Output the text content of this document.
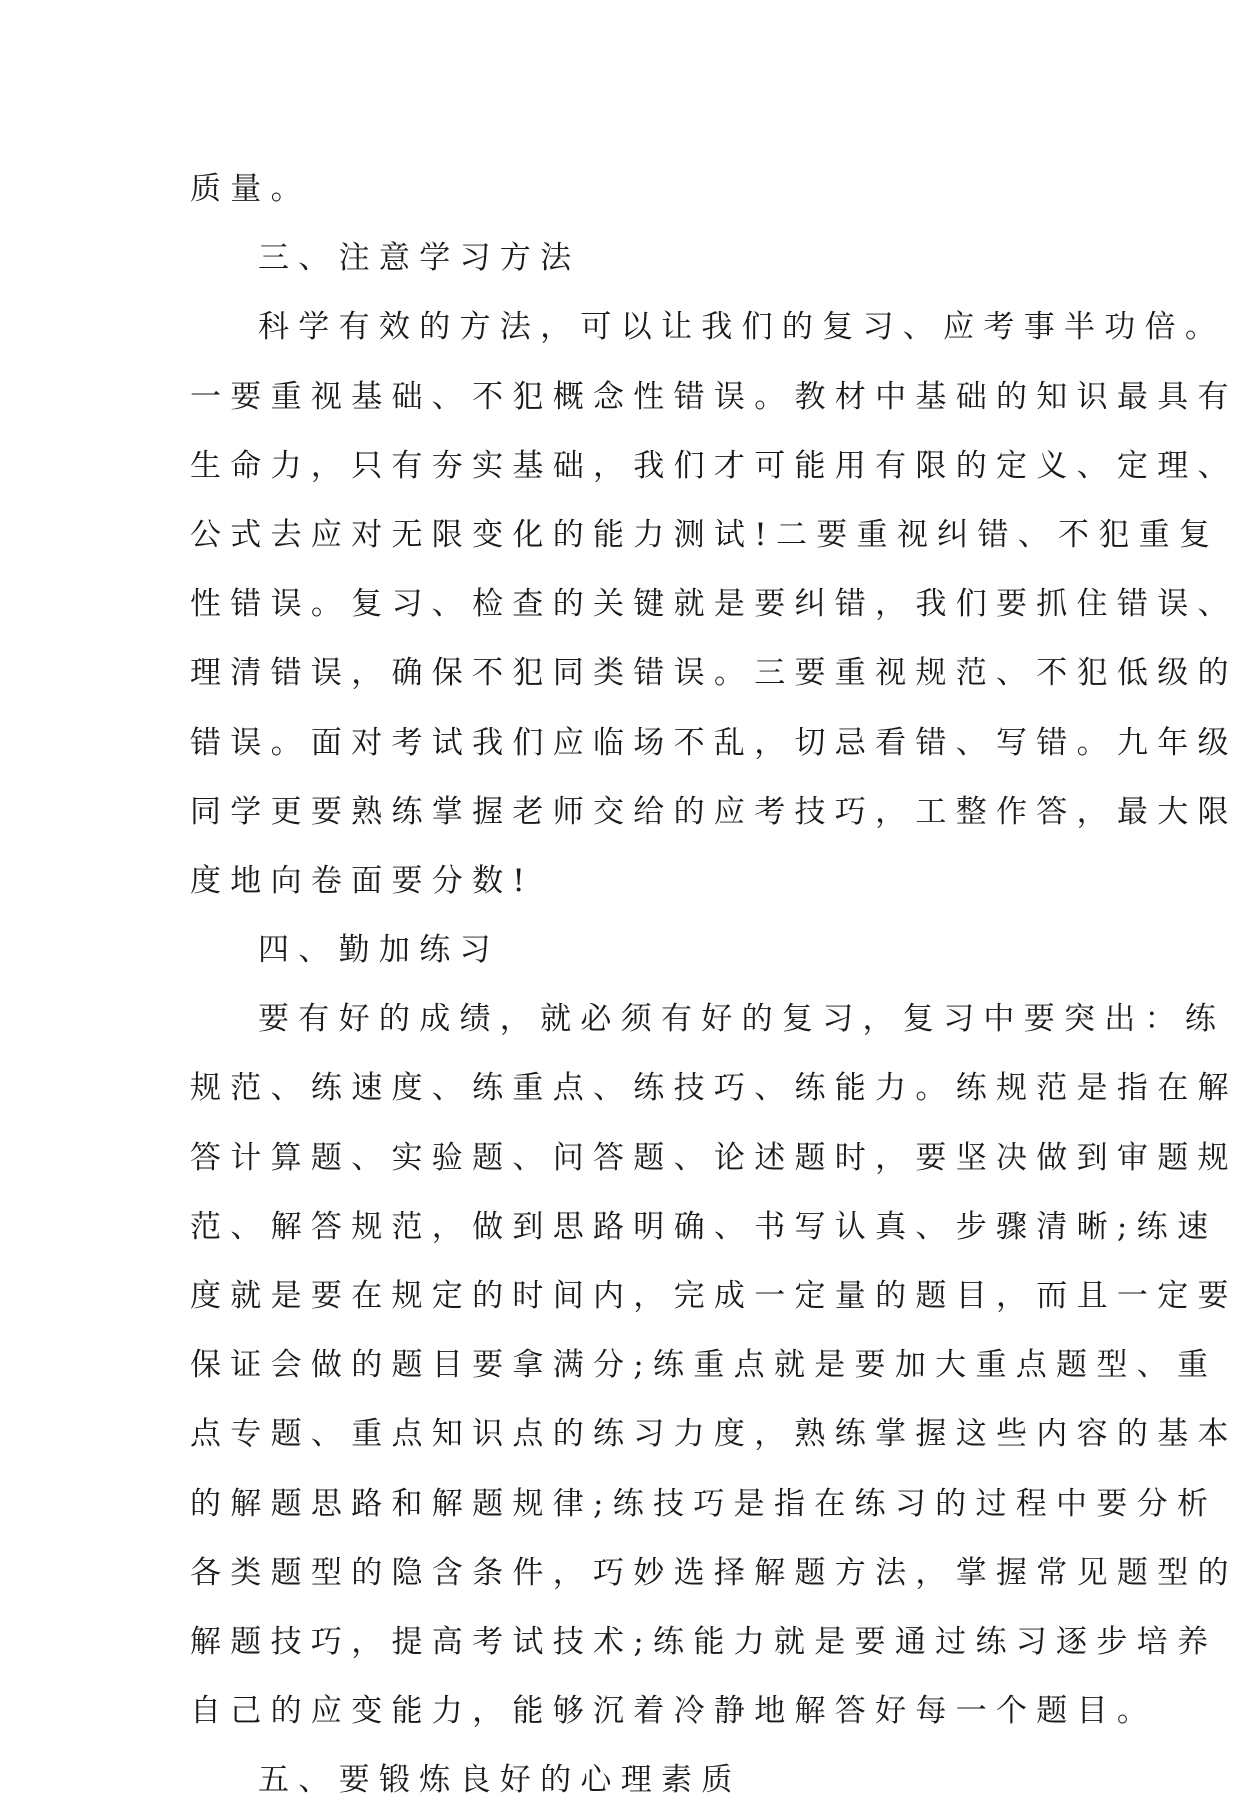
质量。
三、注意学习方法
科学有效的方法，可以让我们的复习、应考事半功倍。
一要重视基础、不犯概念性错误。教材中基础的知识最具有
生命力，只有夯实基础，我们才可能用有限的定义、定理、
公式去应对无限变化的能力测试!二要重视纠错、不犯重复
性错误。复习、检查的关键就是要纠错，我们要抓住错误、
理清错误，确保不犯同类错误。三要重视规范、不犯低级的
错误。面对考试我们应临场不乱，切忌看错、写错。九年级
同学更要熟练掌握老师交给的应考技巧，工整作答，最大限
度地向卷面要分数!
四、勤加练习
要有好的成绩，就必须有好的复习，复习中要突出：练
规范、练速度、练重点、练技巧、练能力。练规范是指在解
答计算题、实验题、问答题、论述题时，要坚决做到审题规
范、解答规范，做到思路明确、书写认真、步骤清晰;练速
度就是要在规定的时间内，完成一定量的题目，而且一定要
保证会做的题目要拿满分;练重点就是要加大重点题型、重
点专题、重点知识点的练习力度，熟练掌握这些内容的基本
的解题思路和解题规律;练技巧是指在练习的过程中要分析
各类题型的隐含条件，巧妙选择解题方法，掌握常见题型的
解题技巧，提高考试技术;练能力就是要通过练习逐步培养
自己的应变能力，能够沉着冷静地解答好每一个题目。
五、要锻炼良好的心理素质
